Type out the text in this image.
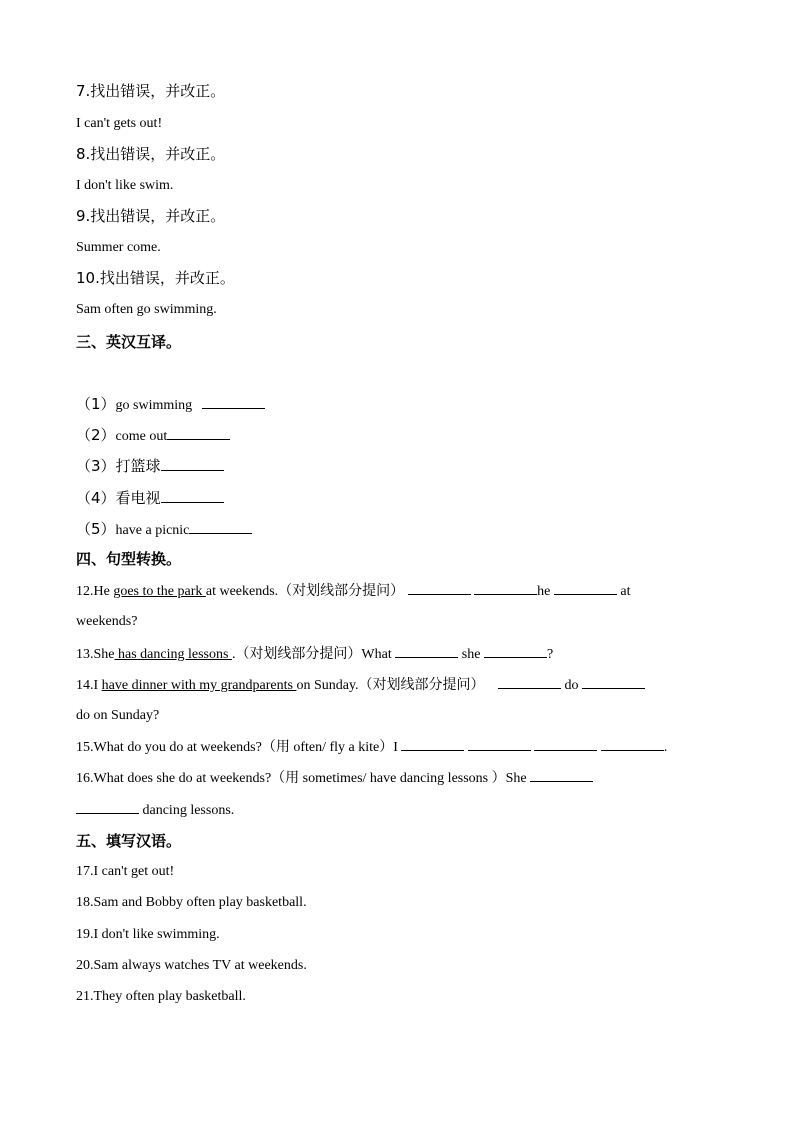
7.找出错误，并改正。
I can't gets out!
8.找出错误，并改正。
I don't like swim.
9.找出错误，并改正。
Summer come.
10.找出错误，并改正。
Sam often go swimming.
三、英汉互译。
（1）go swimming
（2）come out
（3）打篮球
（4）看电视
（5）have a picnic
四、句型转换。
12.He goes to the park at weekends.（对划线部分提问）	he	at
weekends?
13.She has dancing lessons .（对划线部分提问）What	she	?
14.I have dinner with my grandparents on Sunday.（对划线部分提问）	do
do on Sunday?
15.What do you do at weekends?（用 often/ fly a kite）I	.
16.What does she do at weekends?（用 sometimes/ have dancing lessons ）She
dancing lessons.
五、填写汉语。
17.I can't get out!
18.Sam and Bobby often play basketball.
19.I don't like swimming.
20.Sam always watches TV at weekends.
21.They often play basketball.
